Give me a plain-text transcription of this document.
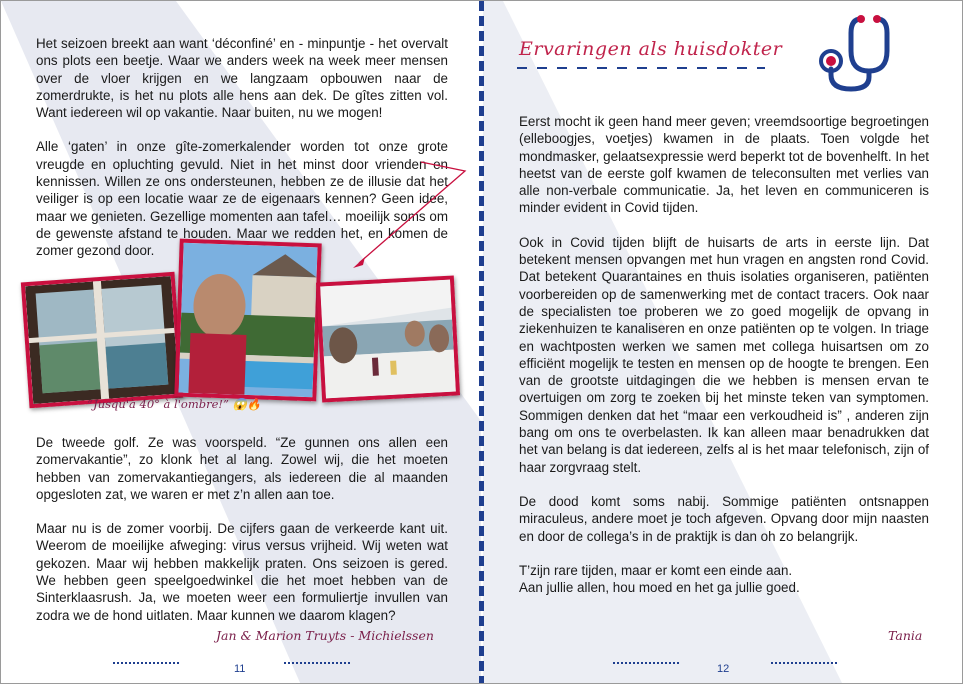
Het seizoen breekt aan want ‘déconfiné’ en - minpuntje - het overvalt ons plots een beetje. Waar we anders week na week meer mensen over de vloer krijgen en we langzaam opbouwen naar de zomerdrukte, is het nu plots alle hens aan dek. De gîtes zitten vol. Want iedereen wil op vakantie. Naar buiten, nu we mogen!

Alle ‘gaten’ in onze gîte-zomerkalender worden tot onze grote vreugde en opluchting gevuld. Niet in het minst door vrienden en kennissen. Willen ze ons ondersteunen, hebben ze de illusie dat het veiliger is op een locatie waar ze de eigenaars kennen? Geen idee, maar we genieten. Gezellige momenten aan tafel… moeilijk soms om de gewenste afstand te houden. Maar we redden het, en komen de zomer gezond door.

“Jusqu'à 40° à l'ombre!” 😱🔥

De tweede golf. Ze was voorspeld. “Ze gunnen ons allen een zomervakantie”, zo klonk het al lang. Zowel wij, die het moeten hebben van zomervakantiegangers, als iedereen die al maanden opgesloten zat, we waren er met z’n allen aan toe.

Maar nu is de zomer voorbij. De cijfers gaan de verkeerde kant uit. Weerom de moeilijke afweging: virus versus vrijheid. Wij weten wat gekozen. Maar wij hebben makkelijk praten. Ons seizoen is gered. We hebben geen speelgoedwinkel die het moet hebben van de Sinterklaasrush. Ja, we moeten weer een formuliertje invullen van zodra we de hond uitlaten. Maar kunnen we daarom klagen?

Jan & Marion Truyts - Michielssen
11
Ervaringen als huisdokter

Eerst mocht ik geen hand meer geven; vreemdsoortige begroetingen (elleboogjes, voetjes) kwamen in de plaats. Toen volgde het mondmasker, gelaatsexpressie werd beperkt tot de bovenhelft. In het heetst van de eerste golf kwamen de teleconsulten met verlies van alle non-verbale communicatie. Ja, het leven en communiceren is minder evident in Covid tijden.

Ook in Covid tijden blijft de huisarts de arts in eerste lijn. Dat betekent mensen opvangen met hun vragen en angsten rond Covid. Dat betekent Quarantaines en thuis isolaties organiseren, patiënten voorbereiden op de samenwerking met de contact tracers. Ook naar de specialisten toe proberen we zo goed mogelijk de opvang in ziekenhuizen te kanaliseren en onze patiënten op te volgen. In triage en wachtposten werken we samen met collega huisartsen om zo efficiënt mogelijk te testen en mensen op de hoogte te brengen. Een van de grootste uitdagingen die we hebben is mensen ervan te overtuigen om zorg te zoeken bij het minste teken van symptomen. Sommigen denken dat het “maar een verkoudheid is” , anderen zijn bang om ons te overbelasten. Ik kan alleen maar benadrukken dat het van belang is dat iedereen, zelfs al is het maar telefonisch, zijn of haar zorgvraag stelt.

De dood komt soms nabij. Sommige patiënten ontsnappen miraculeus, andere moet je toch afgeven. Opvang door mijn naasten en door de collega’s in de praktijk is dan oh zo belangrijk.

T’zijn rare tijden, maar er komt een einde aan.
Aan jullie allen, hou moed en het ga jullie goed.

Tania
12
